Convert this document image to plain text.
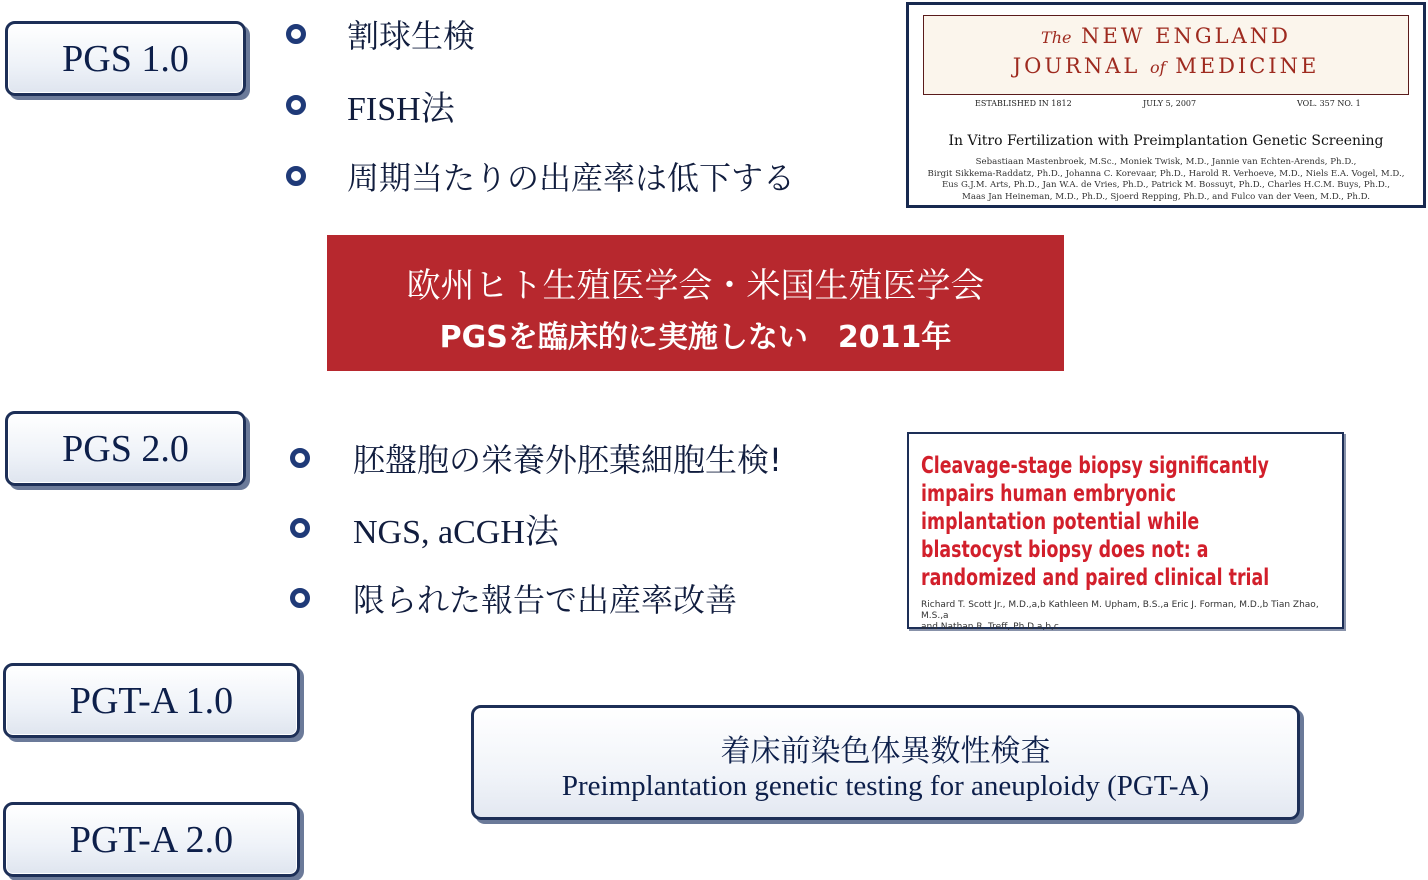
PGS 1.0
PGS 2.0
PGT-A 1.0
PGT-A 2.0
割球生検
FISH法
周期当たりの出産率は低下する
The NEW ENGLAND
JOURNAL of MEDICINE
ESTABLISHED IN 1812	JULY 5, 2007	VOL. 357 NO. 1
In Vitro Fertilization with Preimplantation Genetic Screening
Sebastiaan Mastenbroek, M.Sc., Moniek Twisk, M.D., Jannie van Echten-Arends, Ph.D.,
Birgit Sikkema-Raddatz, Ph.D., Johanna C. Korevaar, Ph.D., Harold R. Verhoeve, M.D., Niels E.A. Vogel, M.D.,
Eus G.J.M. Arts, Ph.D., Jan W.A. de Vries, Ph.D., Patrick M. Bossuyt, Ph.D., Charles H.C.M. Buys, Ph.D.,
Maas Jan Heineman, M.D., Ph.D., Sjoerd Repping, Ph.D., and Fulco van der Veen, M.D., Ph.D.
欧州ヒト生殖医学会・米国生殖医学会
PGSを臨床的に実施しない　2011年
胚盤胞の栄養外胚葉細胞生検!
NGS, aCGH法
限られた報告で出産率改善
Cleavage-stage biopsy significantly
impairs human embryonic
implantation potential while
blastocyst biopsy does not: a
randomized and paired clinical trial
Richard T. Scott Jr., M.D.,a,b Kathleen M. Upham, B.S.,a Eric J. Forman, M.D.,b Tian Zhao, M.S.,a
and Nathan R. Treff, Ph.D.a,b,c
着床前染色体異数性検査
Preimplantation genetic testing for aneuploidy (PGT-A)
